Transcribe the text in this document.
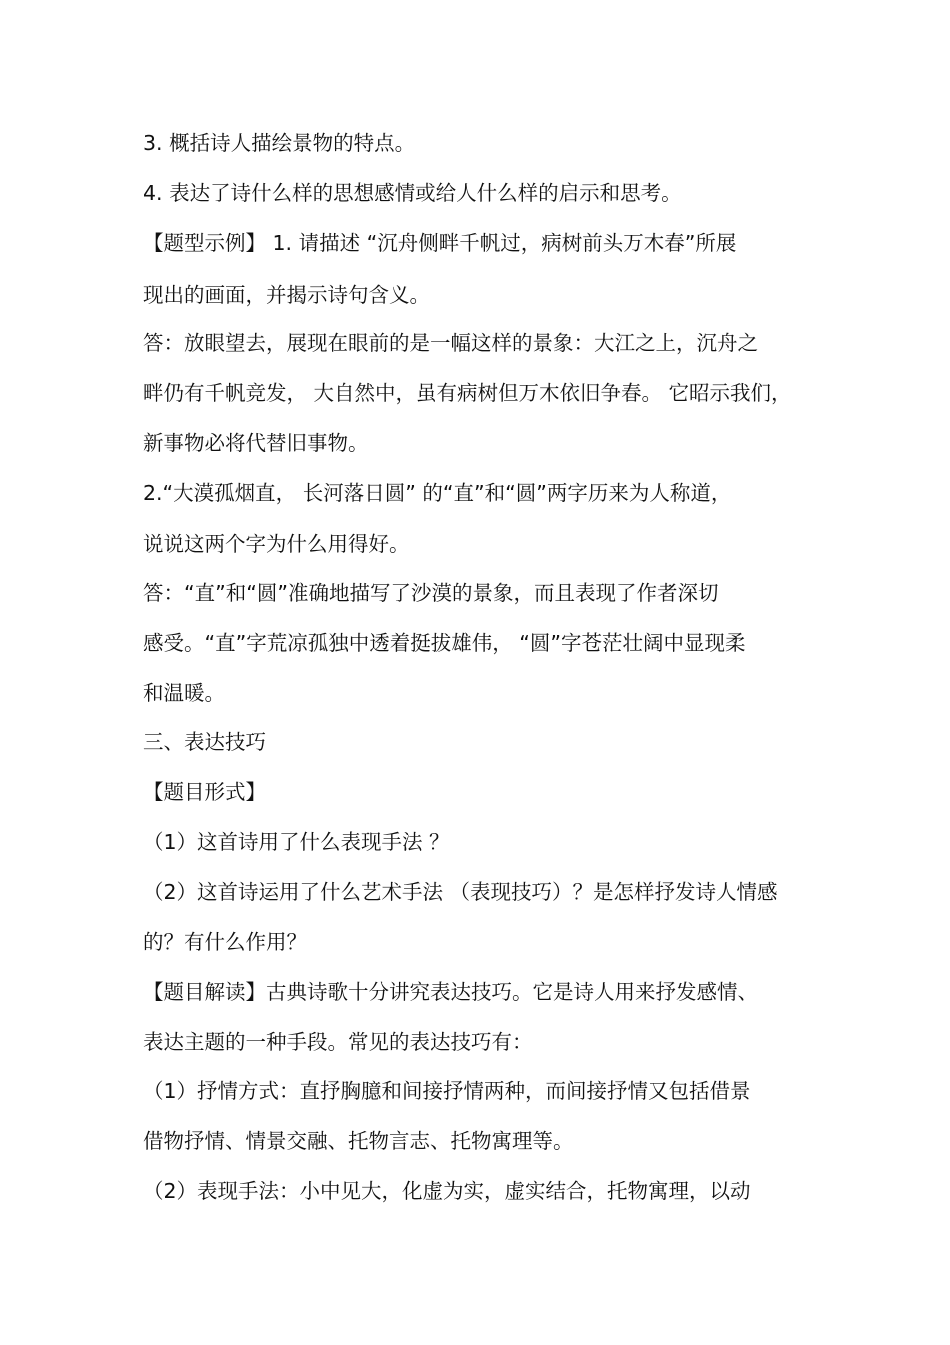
3. 概括诗人描绘景物的特点。

4. 表达了诗什么样的思想感情或给人什么样的启示和思考。

【题型示例】 1. 请描述 “沉舟侧畔千帆过，病树前头万木春”所展

现出的画面，并揭示诗句含义。

答：放眼望去，展现在眼前的是一幅这样的景象：大江之上，沉舟之

畔仍有千帆竞发， 大自然中，虽有病树但万木依旧争春。 它昭示我们，

新事物必将代替旧事物。

2.“大漠孤烟直， 长河落日圆” 的“直”和“圆”两字历来为人称道，

说说这两个字为什么用得好。

答：“直”和“圆”准确地描写了沙漠的景象，而且表现了作者深切

感受。“直”字荒凉孤独中透着挺拔雄伟， “圆”字苍茫壮阔中显现柔

和温暖。

三、表达技巧

【题目形式】

（1）这首诗用了什么表现手法 ？

（2）这首诗运用了什么艺术手法 （表现技巧）？是怎样抒发诗人情感

的？有什么作用？

【题目解读】古典诗歌十分讲究表达技巧。它是诗人用来抒发感情、

表达主题的一种手段。常见的表达技巧有：

（1）抒情方式：直抒胸臆和间接抒情两种，而间接抒情又包括借景

借物抒情、情景交融、托物言志、托物寓理等。

（2）表现手法：小中见大，化虚为实，虚实结合，托物寓理，以动
